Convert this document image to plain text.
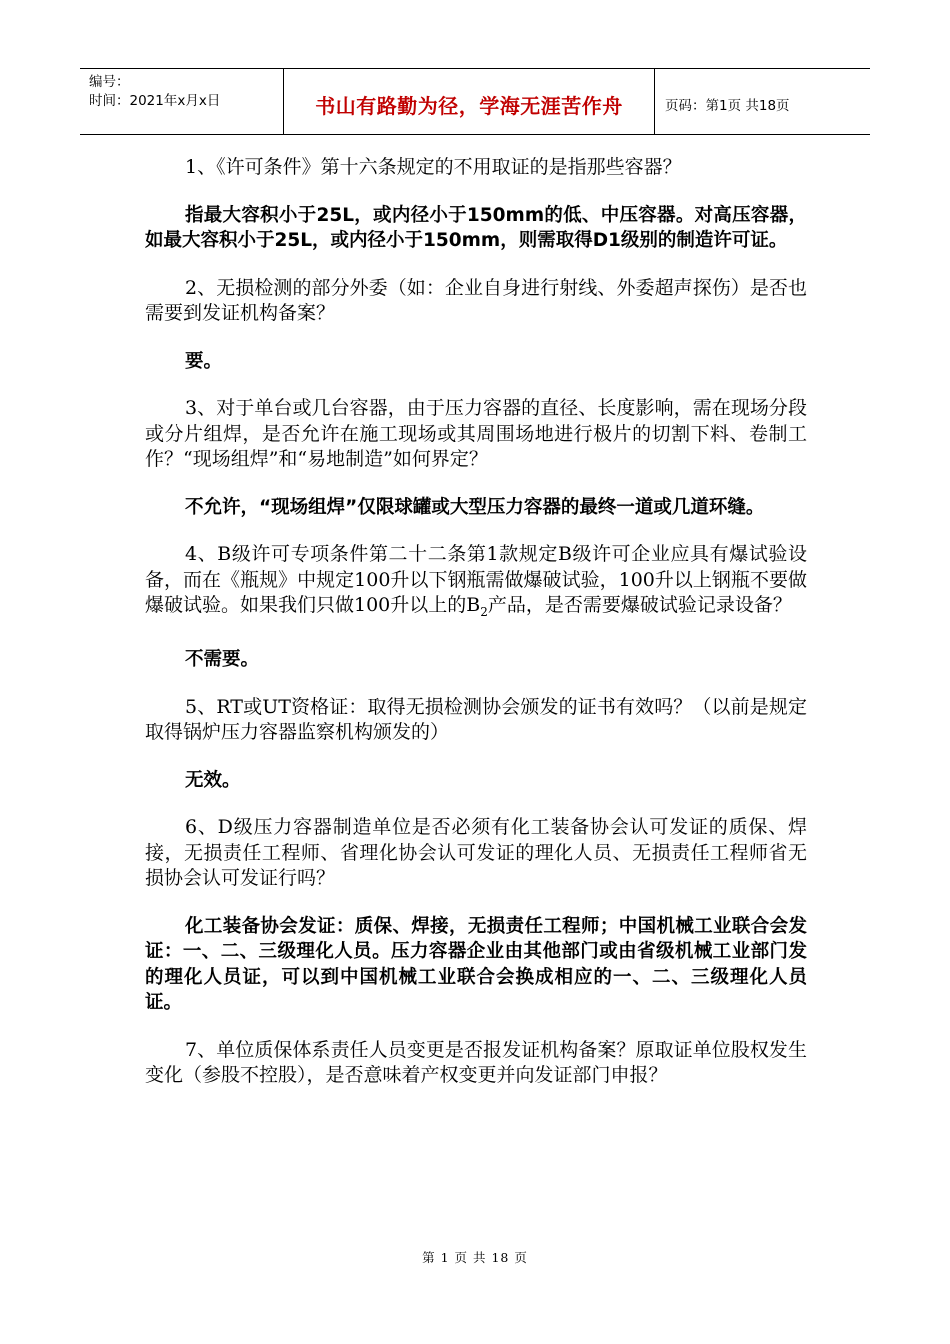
编号：
时间：2021年x月x日	书山有路勤为径，学海无涯苦作舟	页码：第1页 共18页

1、《许可条件》第十六条规定的不用取证的是指那些容器？

指最大容积小于25L，或内径小于150mm的低、中压容器。对高压容器，如最大容积小于25L，或内径小于150mm，则需取得D1级别的制造许可证。

2、无损检测的部分外委（如：企业自身进行射线、外委超声探伤）是否也需要到发证机构备案？

要。

3、对于单台或几台容器，由于压力容器的直径、长度影响，需在现场分段或分片组焊，是否允许在施工现场或其周围场地进行极片的切割下料、卷制工作？“现场组焊”和“易地制造”如何界定？

不允许，“现场组焊”仅限球罐或大型压力容器的最终一道或几道环缝。

4、B级许可专项条件第二十二条第1款规定B级许可企业应具有爆试验设备，而在《瓶规》中规定100升以下钢瓶需做爆破试验，100升以上钢瓶不要做爆破试验。如果我们只做100升以上的$B_2$产品，是否需要爆破试验记录设备？

不需要。

5、RT或UT资格证：取得无损检测协会颁发的证书有效吗？（以前是规定取得锅炉压力容器监察机构颁发的）

无效。

6、D级压力容器制造单位是否必须有化工装备协会认可发证的质保、焊接，无损责任工程师、省理化协会认可发证的理化人员、无损责任工程师省无损协会认可发证行吗？

化工装备协会发证：质保、焊接，无损责任工程师；中国机械工业联合会发证：一、二、三级理化人员。压力容器企业由其他部门或由省级机械工业部门发的理化人员证，可以到中国机械工业联合会换成相应的一、二、三级理化人员证。

7、单位质保体系责任人员变更是否报发证机构备案？原取证单位股权发生变化（参股不控股），是否意味着产权变更并向发证部门申报？

第 1 页 共 18 页
